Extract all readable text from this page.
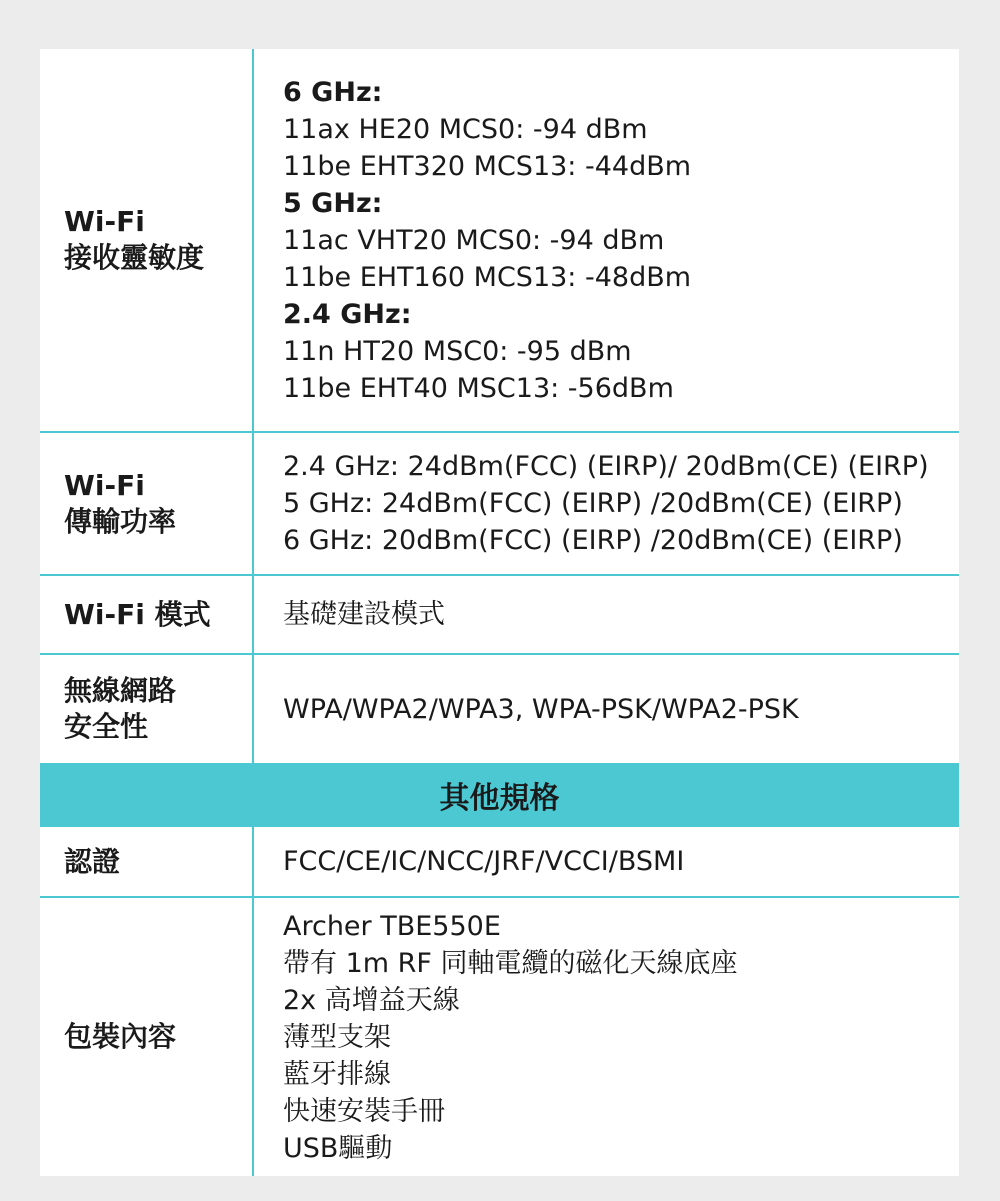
Wi-Fi
接收靈敏度
6 GHz:
11ax HE20 MCS0: -94 dBm
11be EHT320 MCS13: -44dBm
5 GHz:
11ac VHT20 MCS0: -94 dBm
11be EHT160 MCS13: -48dBm
2.4 GHz:
11n HT20 MSC0: -95 dBm
11be EHT40 MSC13: -56dBm
Wi-Fi
傳輸功率
2.4 GHz: 24dBm(FCC) (EIRP)/ 20dBm(CE) (EIRP)
5 GHz: 24dBm(FCC) (EIRP) /20dBm(CE) (EIRP)
6 GHz: 20dBm(FCC) (EIRP) /20dBm(CE) (EIRP)
Wi-Fi 模式	基礎建設模式
無線網路
安全性
WPA/WPA2/WPA3, WPA-PSK/WPA2-PSK
其他規格
認證	FCC/CE/IC/NCC/JRF/VCCI/BSMI
包裝內容
Archer TBE550E
帶有 1m RF 同軸電纜的磁化天線底座
2x 高增益天線
薄型支架
藍牙排線
快速安裝手冊
USB驅動
